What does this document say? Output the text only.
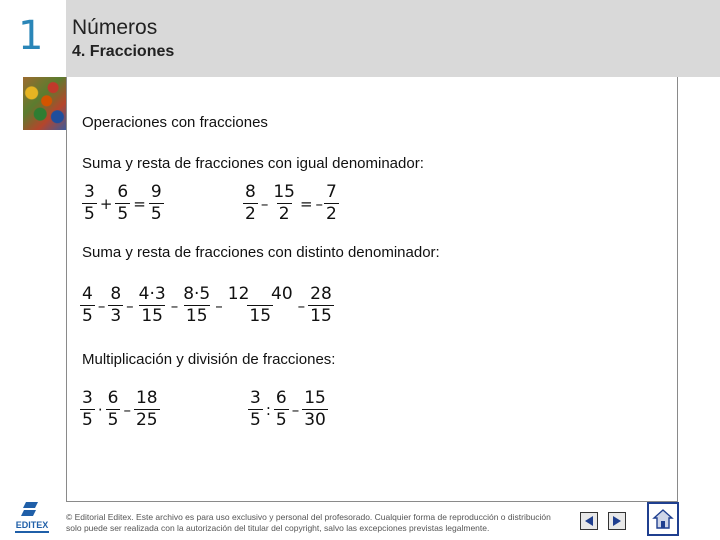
1 Números
4. Fracciones
Operaciones con fracciones
Suma y resta de fracciones con igual denominador:
$\frac{3}{5} + \frac{6}{5} = \frac{9}{5}$	$\frac{8}{2} - \frac{15}{2}$ = – $\frac{7}{2}$
Suma y resta de fracciones con distinto denominador:
$\frac{4}{5} - \frac{8}{3} - \frac{4\cdot 3}{15} - \frac{8\cdot 5}{15} - \frac{12 40}{15} - \frac{28}{15}$
Multiplicación y división de fracciones:
$\frac{3}{5} \cdot \frac{6}{5} - \frac{18}{25}$	$\frac{3}{5}$ : $\frac{6}{5} - \frac{15}{30}$
EDITEX
© Editorial Editex. Este archivo es para uso exclusivo y personal del profesorado. Cualquier forma de reproducción o distribución
solo puede ser realizada con la autorización del titular del copyright, salvo las excepciones previstas legalmente.
